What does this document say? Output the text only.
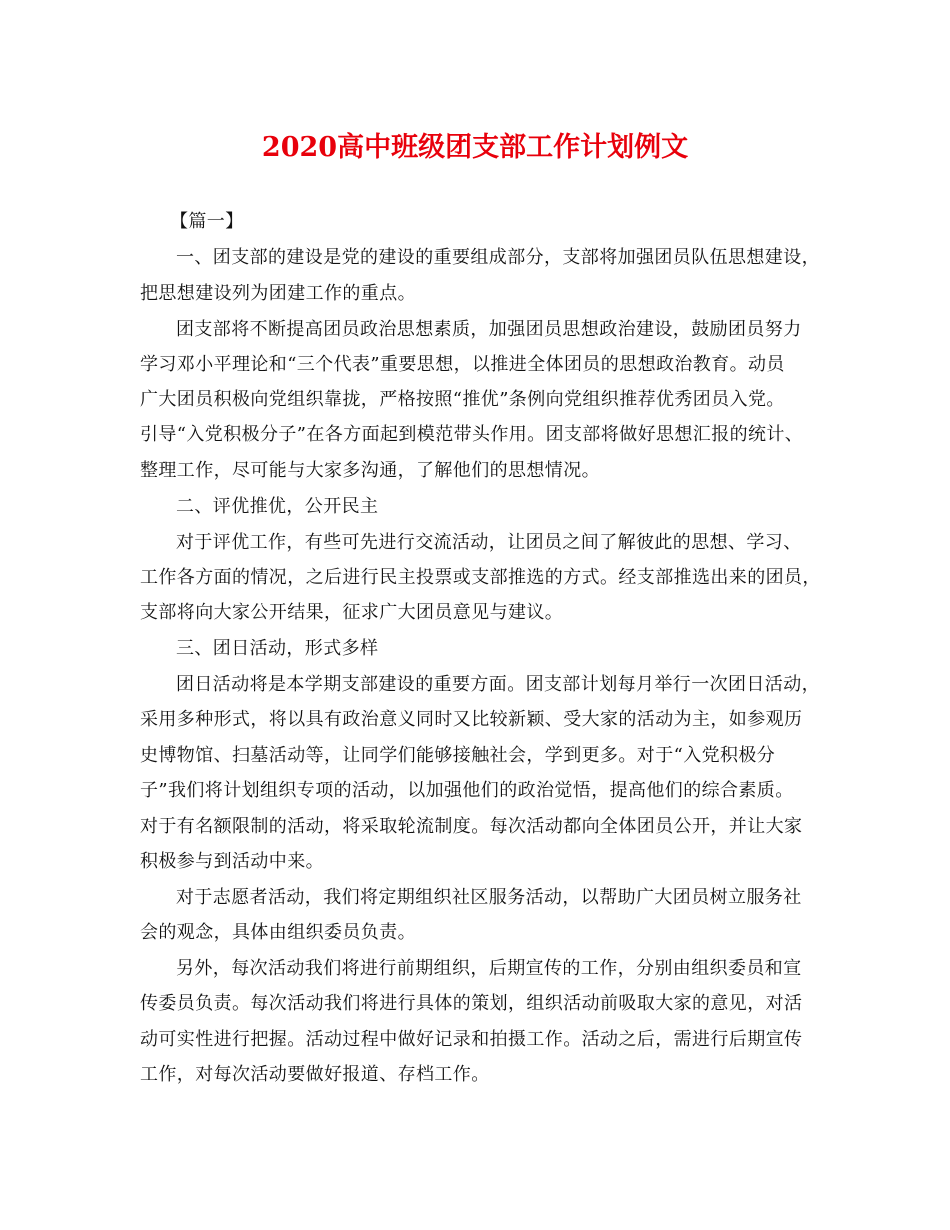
2020高中班级团支部工作计划例文
【篇一】
一、团支部的建设是党的建设的重要组成部分，支部将加强团员队伍思想建设，
把思想建设列为团建工作的重点。
团支部将不断提高团员政治思想素质，加强团员思想政治建设，鼓励团员努力
学习邓小平理论和“三个代表”重要思想，以推进全体团员的思想政治教育。动员
广大团员积极向党组织靠拢，严格按照“推优”条例向党组织推荐优秀团员入党。
引导“入党积极分子”在各方面起到模范带头作用。团支部将做好思想汇报的统计、
整理工作，尽可能与大家多沟通，了解他们的思想情况。
二、评优推优，公开民主
对于评优工作，有些可先进行交流活动，让团员之间了解彼此的思想、学习、
工作各方面的情况，之后进行民主投票或支部推选的方式。经支部推选出来的团员，
支部将向大家公开结果，征求广大团员意见与建议。
三、团日活动，形式多样
团日活动将是本学期支部建设的重要方面。团支部计划每月举行一次团日活动，
采用多种形式，将以具有政治意义同时又比较新颖、受大家的活动为主，如参观历
史博物馆、扫墓活动等，让同学们能够接触社会，学到更多。对于“入党积极分
子”我们将计划组织专项的活动，以加强他们的政治觉悟，提高他们的综合素质。
对于有名额限制的活动，将采取轮流制度。每次活动都向全体团员公开，并让大家
积极参与到活动中来。
对于志愿者活动，我们将定期组织社区服务活动，以帮助广大团员树立服务社
会的观念，具体由组织委员负责。
另外，每次活动我们将进行前期组织，后期宣传的工作，分别由组织委员和宣
传委员负责。每次活动我们将进行具体的策划，组织活动前吸取大家的意见，对活
动可实性进行把握。活动过程中做好记录和拍摄工作。活动之后，需进行后期宣传
工作，对每次活动要做好报道、存档工作。
